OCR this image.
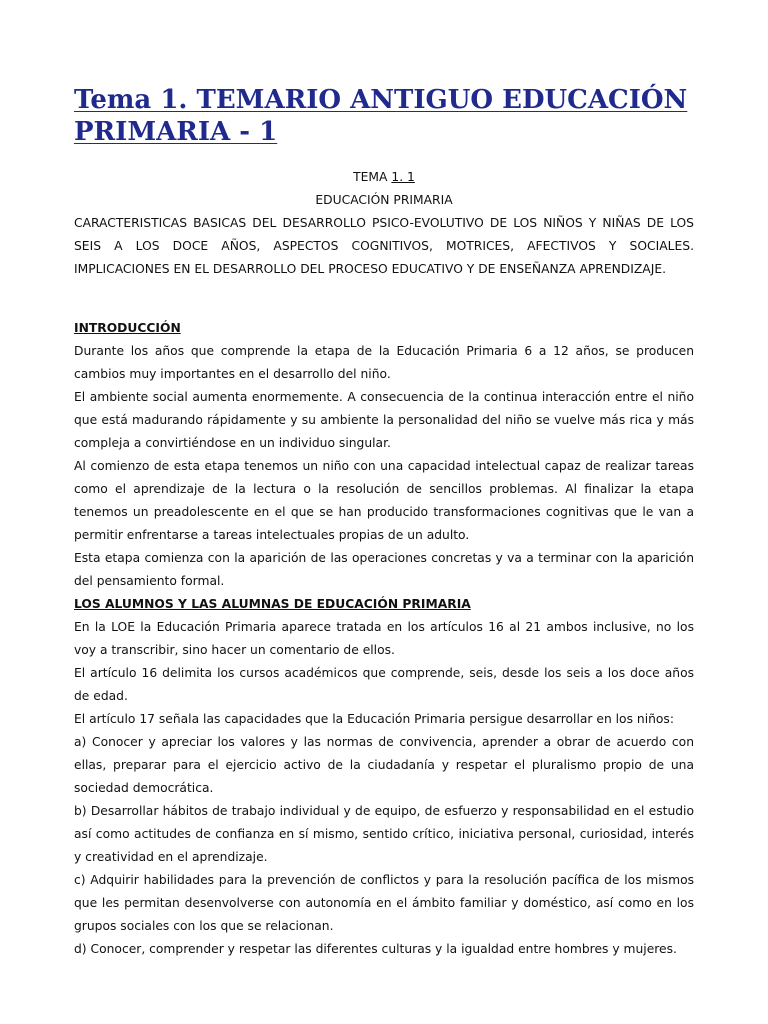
Tema 1. TEMARIO ANTIGUO EDUCACIÓN PRIMARIA - 1
TEMA 1. 1
EDUCACIÓN PRIMARIA
CARACTERISTICAS BASICAS DEL DESARROLLO PSICO-EVOLUTIVO DE LOS NIÑOS Y NIÑAS DE LOS SEIS A LOS DOCE AÑOS, ASPECTOS COGNITIVOS, MOTRICES, AFECTIVOS Y SOCIALES. IMPLICACIONES EN EL DESARROLLO DEL PROCESO EDUCATIVO Y DE ENSEÑANZA APRENDIZAJE.
INTRODUCCIÓN

Durante los años que comprende la etapa de la Educación Primaria 6 a 12 años, se producen cambios muy importantes en el desarrollo del niño.

El ambiente social aumenta enormemente. A consecuencia de la continua interacción entre el niño que está madurando rápidamente y su ambiente la personalidad del niño se vuelve más rica y más compleja a convirtiéndose en un individuo singular.

Al comienzo de esta etapa tenemos un niño con una capacidad intelectual capaz de realizar tareas como el aprendizaje de la lectura o la resolución de sencillos problemas. Al finalizar la etapa tenemos un preadolescente en el que se han producido transformaciones cognitivas que le van a permitir enfrentarse a tareas intelectuales propias de un adulto.

Esta etapa comienza con la aparición de las operaciones concretas y va a terminar con la aparición del pensamiento formal.

LOS ALUMNOS Y LAS ALUMNAS DE EDUCACIÓN PRIMARIA

En la LOE la Educación Primaria aparece tratada en los artículos 16 al 21 ambos inclusive, no los voy a transcribir, sino hacer un comentario de ellos.

El artículo 16 delimita los cursos académicos que comprende, seis, desde los seis a los doce años de edad.

El artículo 17 señala las capacidades que la Educación Primaria persigue desarrollar en los niños:

a) Conocer y apreciar los valores y las normas de convivencia, aprender a obrar de acuerdo con ellas, preparar para el ejercicio activo de la ciudadanía y respetar el pluralismo propio de una sociedad democrática.

b) Desarrollar hábitos de trabajo individual y de equipo, de esfuerzo y responsabilidad en el estudio así como actitudes de confianza en sí mismo, sentido crítico, iniciativa personal, curiosidad, interés y creatividad en el aprendizaje.

c) Adquirir habilidades para la prevención de conflictos y para la resolución pacífica de los mismos que les permitan desenvolverse con autonomía en el ámbito familiar y doméstico, así como en los grupos sociales con los que se relacionan.

d) Conocer, comprender y respetar las diferentes culturas y la igualdad entre hombres y mujeres.
